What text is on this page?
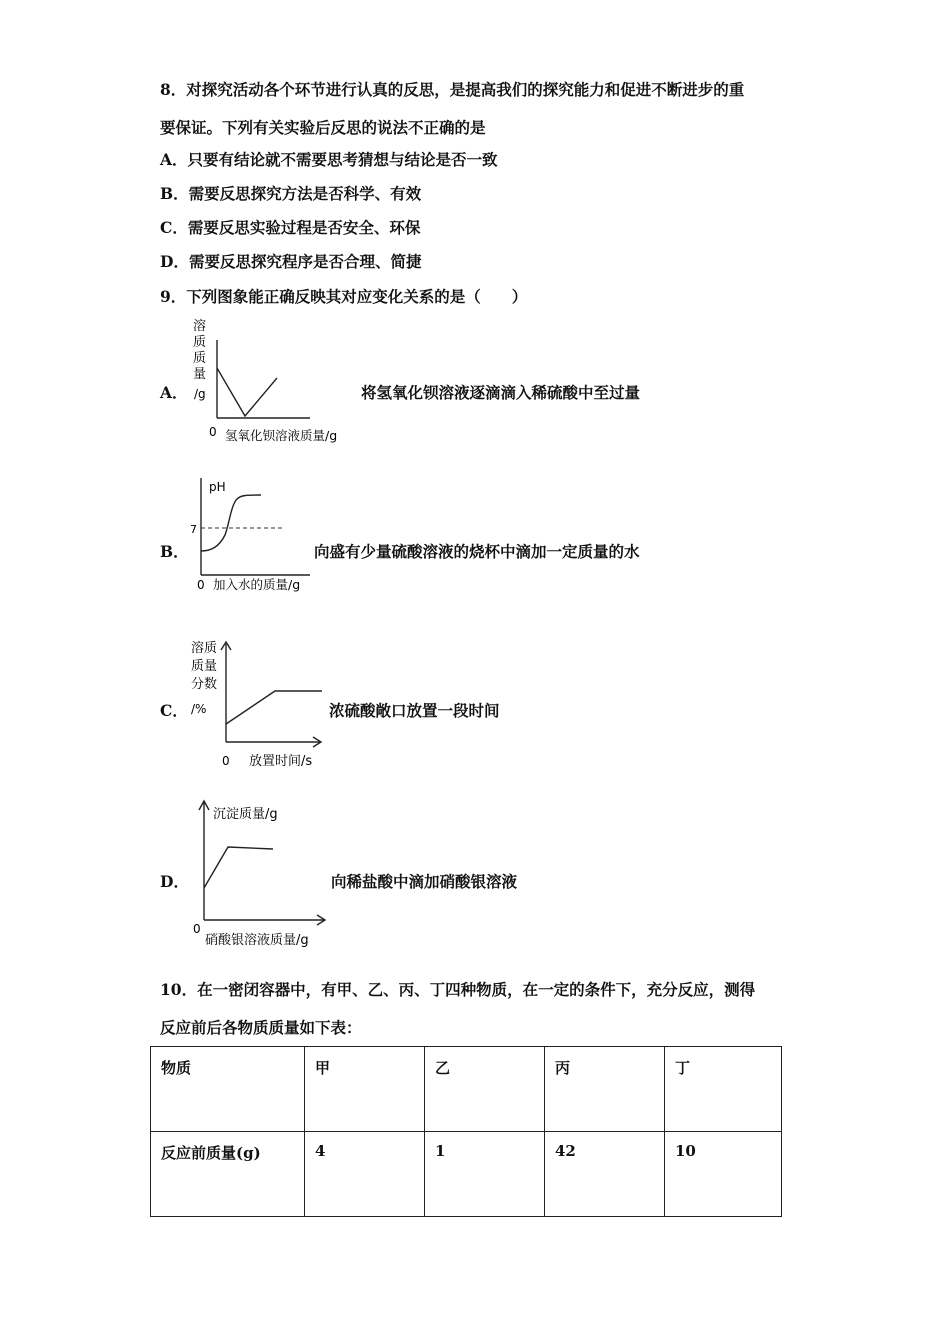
8．对探究活动各个环节进行认真的反思，是提高我们的探究能力和促进不断进步的重
要保证。下列有关实验后反思的说法不正确的是
A．只要有结论就不需要思考猜想与结论是否一致
B．需要反思探究方法是否科学、有效
C．需要反思实验过程是否安全、环保
D．需要反思探究程序是否合理、简捷
9．下列图象能正确反映其对应变化关系的是（　　）
A．
溶
质
质
量
/g
0 氢氧化钡溶液质量/g
将氢氧化钡溶液逐滴滴入稀硫酸中至过量
B．
pH
7
0 加入水的质量/g
向盛有少量硫酸溶液的烧杯中滴加一定质量的水
C．
溶质
质量
分数
/%
0 放置时间/s
浓硫酸敞口放置一段时间
D．
沉淀质量/g
0
硝酸银溶液质量/g
向稀盐酸中滴加硝酸银溶液
10．在一密闭容器中，有甲、乙、丙、丁四种物质，在一定的条件下，充分反应，测得
反应前后各物质质量如下表：
物质	甲	乙	丙	丁
反应前质量(g)	4	1	42	10
